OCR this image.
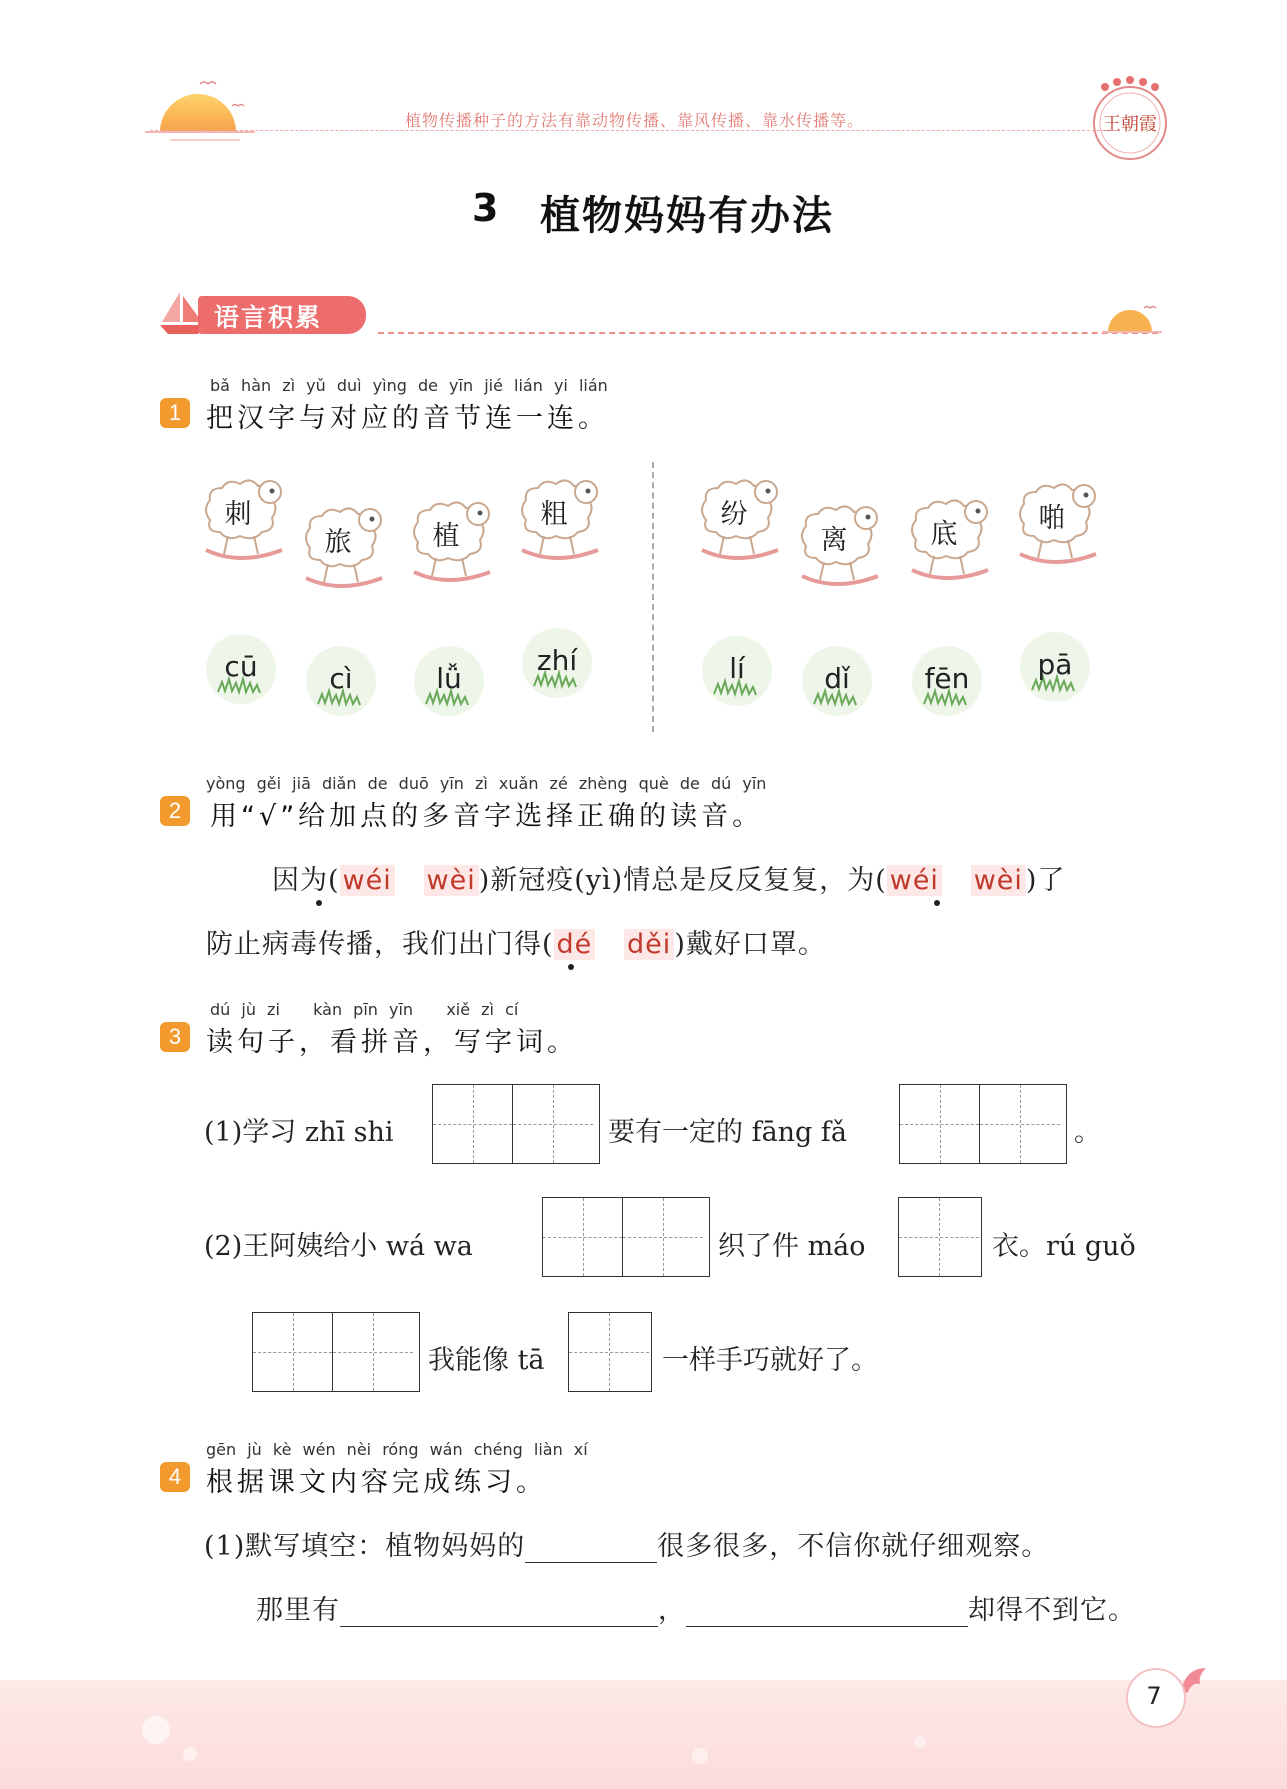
植物传播种子的方法有靠动物传播、靠风传播、靠水传播等。	王朝霞
3 植物妈妈有办法
语言积累
bǎ hàn zì yǔ duì yìng de yīn jié lián yi lián
1 把汉字与对应的音节连一连。
yòng gěi jiā diǎn de duō yīn zì xuǎn zé zhèng què de dú yīn
2	用“√”给加点的多音字选择正确的读音。
因为( wéi wèi )新冠疫(yì)情总是反反复复，为( wéi wèi )了
防止病毒传播，我们出门得( dé děi )戴好口罩。
dú jù zi   kàn pīn yīn   xiě zì cí
3 读句子，看拼音，写字词。
(1)学习 zhī shi	要有一定的 fāng fǎ	。
(2)王阿姨给小 wá wa	织了件 máo	衣。rú guǒ
我能像 tā	一样手巧就好了。
gēn jù kè wén nèi róng wán chéng liàn xí
4 根据课文内容完成练习。
(1)默写填空：植物妈妈的	很多很多，不信你就仔细观察。
那里有	，	却得不到它。
7
刺	纷
cū	lí
旅	离
cì	dǐ
植	底
lǚ	fēn
粗	啪
zhí	pā
